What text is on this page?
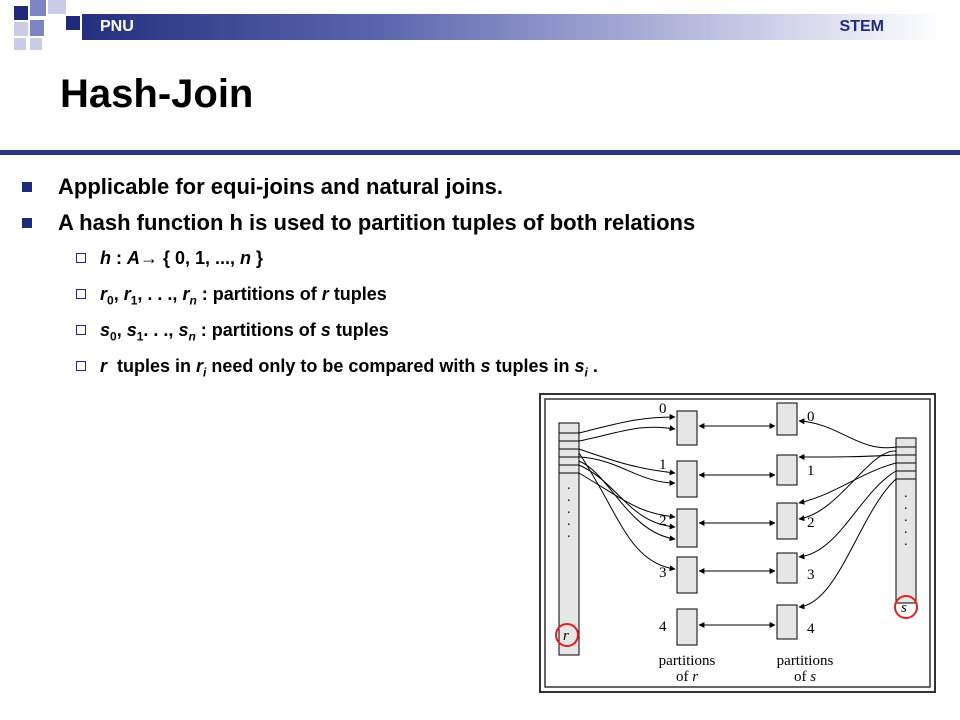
PNU	STEM
Hash-Join
Applicable for equi-joins and natural joins.
A hash function h is used to partition tuples of both relations
h : A→ { 0, 1, ..., n }
$r_0$, $r_1$, . . ., $r_n$ : partitions of r tuples
$s_0$, $s_1$. . ., $s_n$ : partitions of s tuples
r  tuples in $r_i$ need only to be compared with s tuples in $s_i$ .
.
.
.
.
.
r
.
.
.
.
.
s
0
1
2
3
4
0
1
2
3
4
partitions
of r
partitions
of s
